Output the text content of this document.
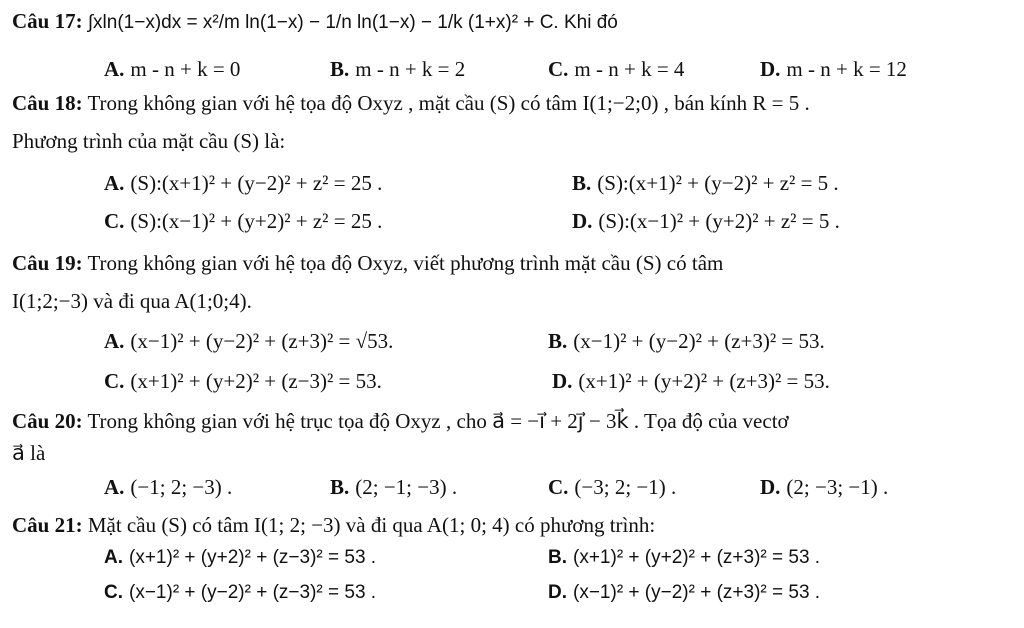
Câu 17: ∫xln(1−x)dx = x²/m ln(1−x) − 1/n ln(1−x) − 1/k (1+x)² + C. Khi đó
A. m - n + k = 0	B. m - n + k = 2	C. m - n + k = 4	D. m - n + k = 12
Câu 18: Trong không gian với hệ tọa độ Oxyz , mặt cầu (S) có tâm I(1;−2;0) , bán kính R = 5 .
Phương trình của mặt cầu (S) là:
A. (S):(x+1)² + (y−2)² + z² = 25 .	B. (S):(x+1)² + (y−2)² + z² = 5 .
C. (S):(x−1)² + (y+2)² + z² = 25 .	D. (S):(x−1)² + (y+2)² + z² = 5 .
Câu 19: Trong không gian với hệ tọa độ Oxyz, viết phương trình mặt cầu (S) có tâm
I(1;2;−3) và đi qua A(1;0;4).
A. (x−1)² + (y−2)² + (z+3)² = √53.	B. (x−1)² + (y−2)² + (z+3)² = 53.
C. (x+1)² + (y+2)² + (z−3)² = 53.	D. (x+1)² + (y+2)² + (z+3)² = 53.
Câu 20: Trong không gian với hệ trục tọa độ Oxyz , cho a⃗ = −i⃗ + 2j⃗ − 3k⃗ . Tọa độ của vectơ
a⃗ là
A. (−1; 2; −3) .	B. (2; −1; −3) .	C. (−3; 2; −1) .	D. (2; −3; −1) .
Câu 21: Mặt cầu (S) có tâm I(1; 2; −3) và đi qua A(1; 0; 4) có phương trình:
A. (x+1)² + (y+2)² + (z−3)² = 53 .	B. (x+1)² + (y+2)² + (z+3)² = 53 .
C. (x−1)² + (y−2)² + (z−3)² = 53 .	D. (x−1)² + (y−2)² + (z+3)² = 53 .
